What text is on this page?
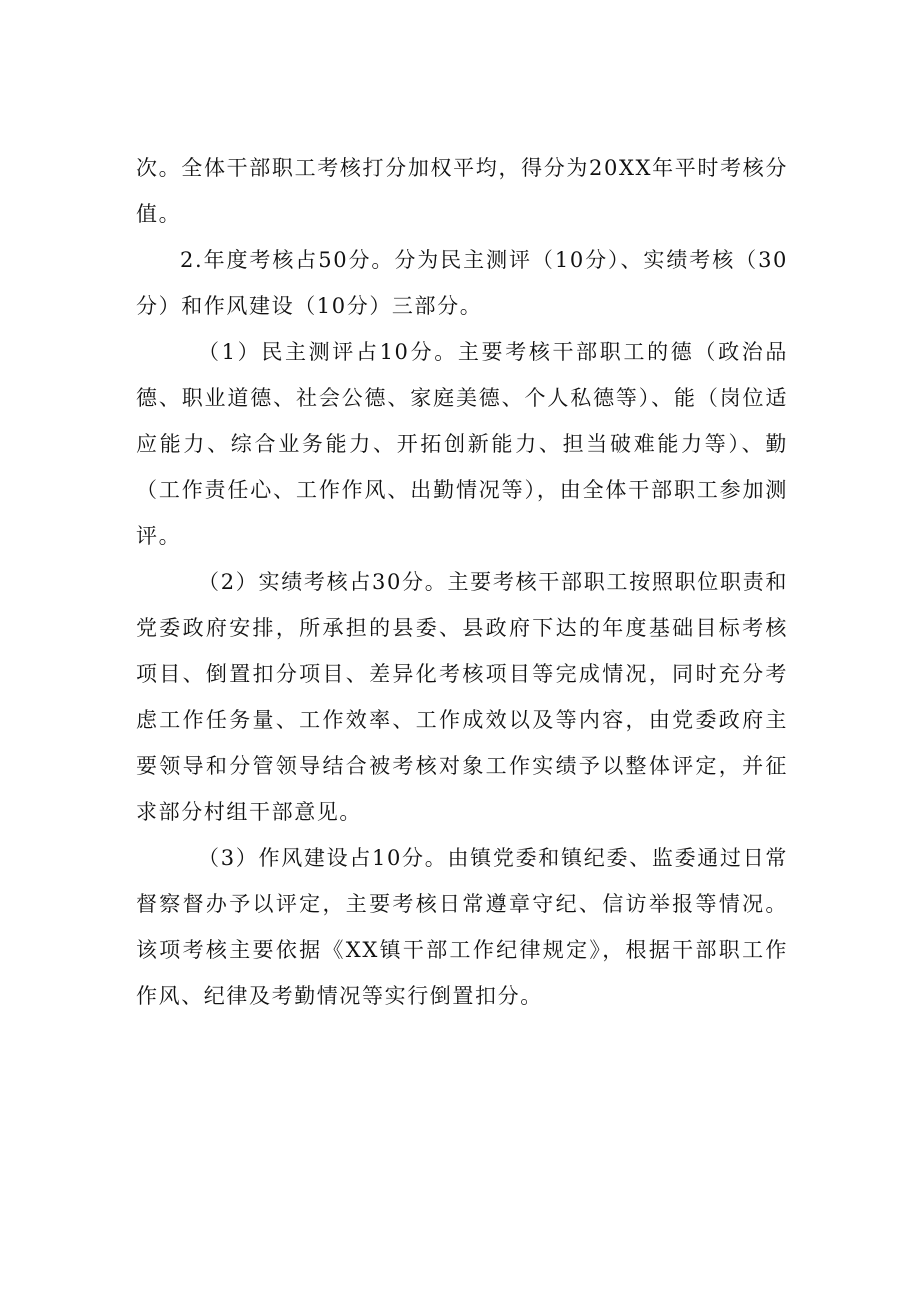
次。全体干部职工考核打分加权平均，得分为20XX年平时考核分值。

2.年度考核占50分。分为民主测评（10分）、实绩考核（30分）和作风建设（10分）三部分。

（1）民主测评占10分。主要考核干部职工的德（政治品德、职业道德、社会公德、家庭美德、个人私德等）、能（岗位适应能力、综合业务能力、开拓创新能力、担当破难能力等）、勤（工作责任心、工作作风、出勤情况等），由全体干部职工参加测评。

（2）实绩考核占30分。主要考核干部职工按照职位职责和党委政府安排，所承担的县委、县政府下达的年度基础目标考核项目、倒置扣分项目、差异化考核项目等完成情况，同时充分考虑工作任务量、工作效率、工作成效以及等内容，由党委政府主要领导和分管领导结合被考核对象工作实绩予以整体评定，并征求部分村组干部意见。

（3）作风建设占10分。由镇党委和镇纪委、监委通过日常督察督办予以评定，主要考核日常遵章守纪、信访举报等情况。该项考核主要依据《XX镇干部工作纪律规定》，根据干部职工作作风、纪律及考勤情况等实行倒置扣分。
